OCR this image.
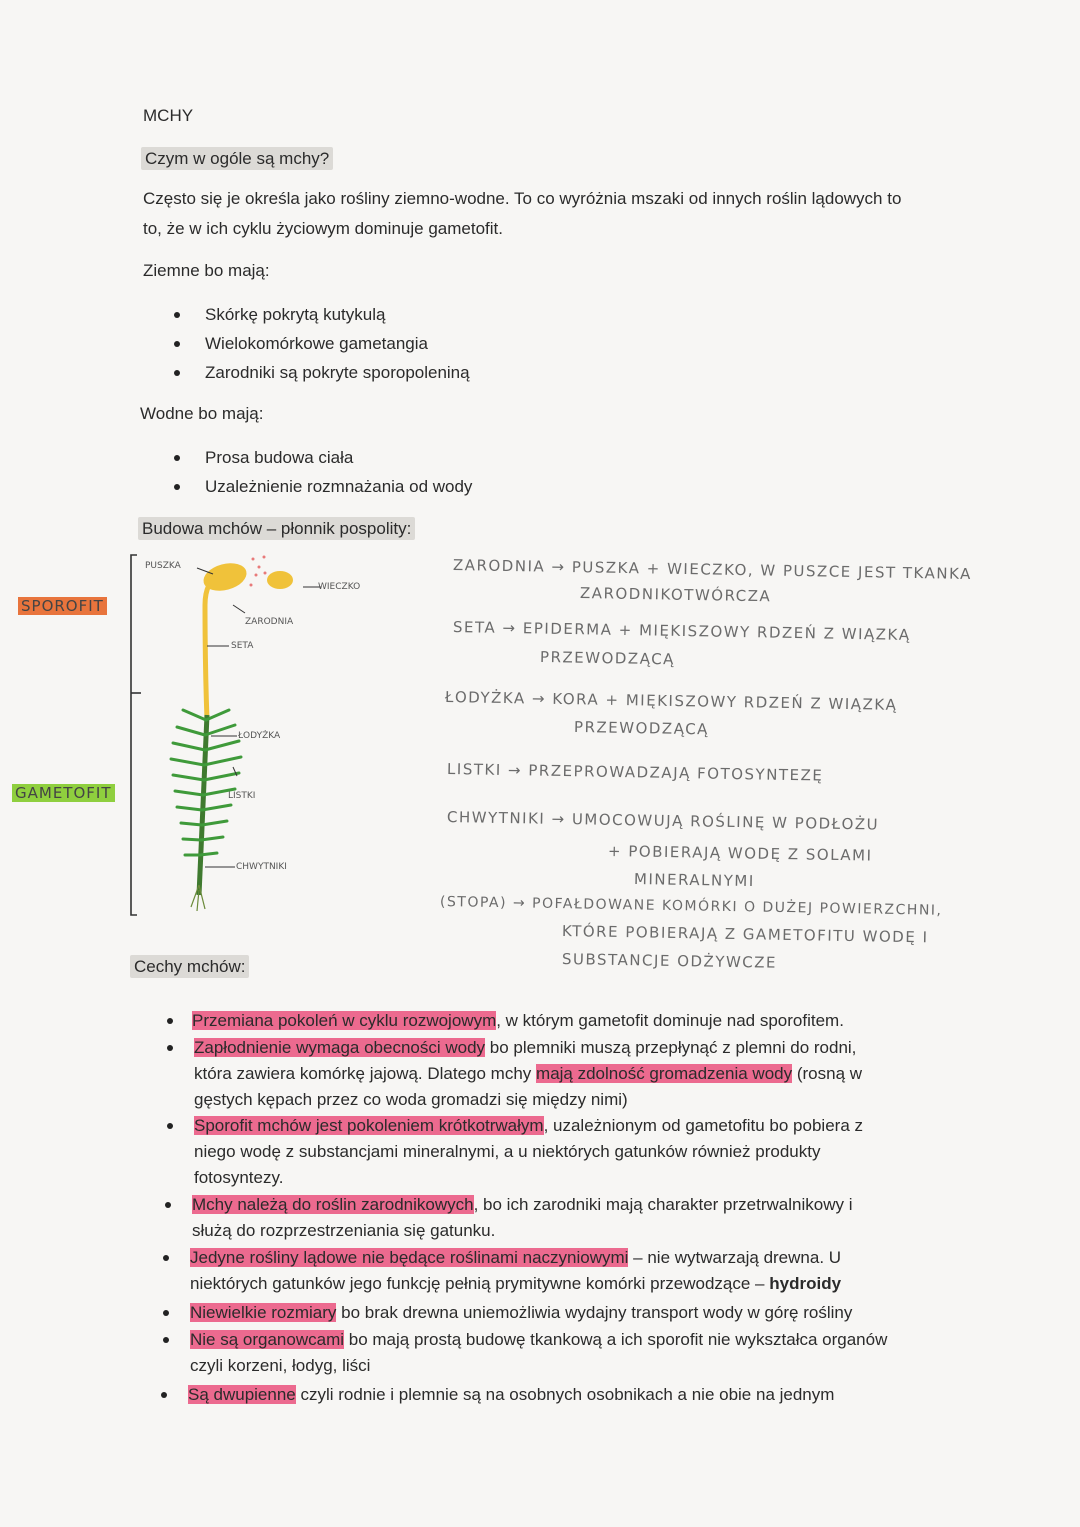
MCHY
Czym w ogóle są mchy?
Często się je określa jako rośliny ziemno-wodne. To co wyróżnia mszaki od innych roślin lądowych to
to, że w ich cyklu życiowym dominuje gametofit.
Ziemne bo mają:
Skórkę pokrytą kutykulą
Wielokomórkowe gametangia
Zarodniki są pokryte sporopoleniną
Wodne bo mają:
Prosa budowa ciała
Uzależnienie rozmnażania od wody
Budowa mchów – płonnik pospolity:
SPOROFIT
GAMETOFIT
PUSZKA
WIECZKO
ZARODNIA
SETA
ŁODYŻKA
LISTKI
CHWYTNIKI
ZARODNIA → PUSZKA + WIECZKO, W PUSZCE JEST TKANKA
ZARODNIKOTWÓRCZA
SETA → EPIDERMA + MIĘKISZOWY RDZEŃ Z WIĄZKĄ
PRZEWODZĄCĄ
ŁODYŻKA → KORA + MIĘKISZOWY RDZEŃ Z WIĄZKĄ
PRZEWODZĄCĄ
LISTKI → PRZEPROWADZAJĄ FOTOSYNTEZĘ
CHWYTNIKI → UMOCOWUJĄ ROŚLINĘ W PODŁOŻU
+ POBIERAJĄ WODĘ Z SOLAMI
MINERALNYMI
(STOPA) → POFAŁDOWANE KOMÓRKI O DUŻEJ POWIERZCHNI,
KTÓRE POBIERAJĄ Z GAMETOFITU WODĘ I
SUBSTANCJE ODŻYWCZE
Cechy mchów:
Przemiana pokoleń w cyklu rozwojowym, w którym gametofit dominuje nad sporofitem.
Zapłodnienie wymaga obecności wody bo plemniki muszą przepłynąć z plemni do rodni,
która zawiera komórkę jajową. Dlatego mchy mają zdolność gromadzenia wody (rosną w
gęstych kępach przez co woda gromadzi się między nimi)
Sporofit mchów jest pokoleniem krótkotrwałym, uzależnionym od gametofitu bo pobiera z
niego wodę z substancjami mineralnymi, a u niektórych gatunków również produkty
fotosyntezy.
Mchy należą do roślin zarodnikowych, bo ich zarodniki mają charakter przetrwalnikowy i
służą do rozprzestrzeniania się gatunku.
Jedyne rośliny lądowe nie będące roślinami naczyniowymi – nie wytwarzają drewna. U
niektórych gatunków jego funkcję pełnią prymitywne komórki przewodzące – hydroidy
Niewielkie rozmiary bo brak drewna uniemożliwia wydajny transport wody w górę rośliny
Nie są organowcami bo mają prostą budowę tkankową a ich sporofit nie wykształca organów
czyli korzeni, łodyg, liści
Są dwupienne czyli rodnie i plemnie są na osobnych osobnikach a nie obie na jednym
